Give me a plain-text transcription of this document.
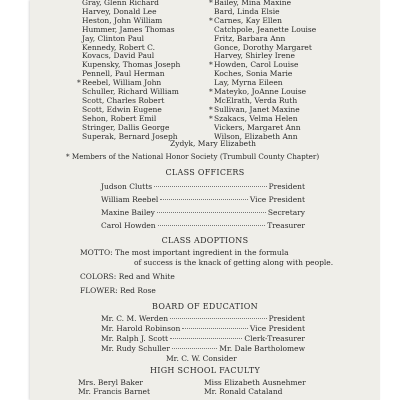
Gray, Glenn Richard
Harvey, Donald Lee
Heston, John William
Hummer, James Thomas
Jay, Clinton Paul
Kennedy, Robert C.
Kovacs, David Paul
Kupensky, Thomas Joseph
Pennell, Paul Herman
*Reebel, William John
Schuller, Richard William
Scott, Charles Robert
Scott, Edwin Eugene
Sehon, Robert Emil
Stringer, Dallis George
Superak, Bernard Joseph
*Bailey, Mina Maxine
Bard, Linda Elsie
*Carnes, Kay Ellen
Catchpole, Jeanette Louise
Fritz, Barbara Ann
Gonce, Dorothy Margaret
Harvey, Shirley Irene
*Howden, Carol Louise
Koches, Sonia Marie
Lay, Myrna Eileen
*Mateyko, JoAnne Louise
McElrath, Verda Ruth
*Sullivan, Janet Maxine
*Szakacs, Velma Helen
Vickers, Margaret Ann
Wilson, Elizabeth Ann
Zydyk, Mary Elizabeth
* Members of the National Honor Society (Trumbull County Chapter)
CLASS OFFICERS
Judson Clutts	President
William Reebel	Vice President
Maxine Bailey	Secretary
Carol Howden	Treasurer
CLASS ADOPTIONS
MOTTO: The most important ingredient in the formula
of success is the knack of getting along with people.
COLORS: Red and White
FLOWER: Red Rose
BOARD OF EDUCATION
Mr. C. M. Werden	President
Mr. Harold Robinson	Vice President
Mr. Ralph J. Scott	Clerk-Treasurer
Mr. Rudy Schuller	Mr. Dale Bartholomew
Mr. C. W. Consider
HIGH SCHOOL FACULTY
Mrs. Beryl Baker
Mr. Francis Barnet
Miss Elizabeth Ausnehmer
Mr. Ronald Cataland
